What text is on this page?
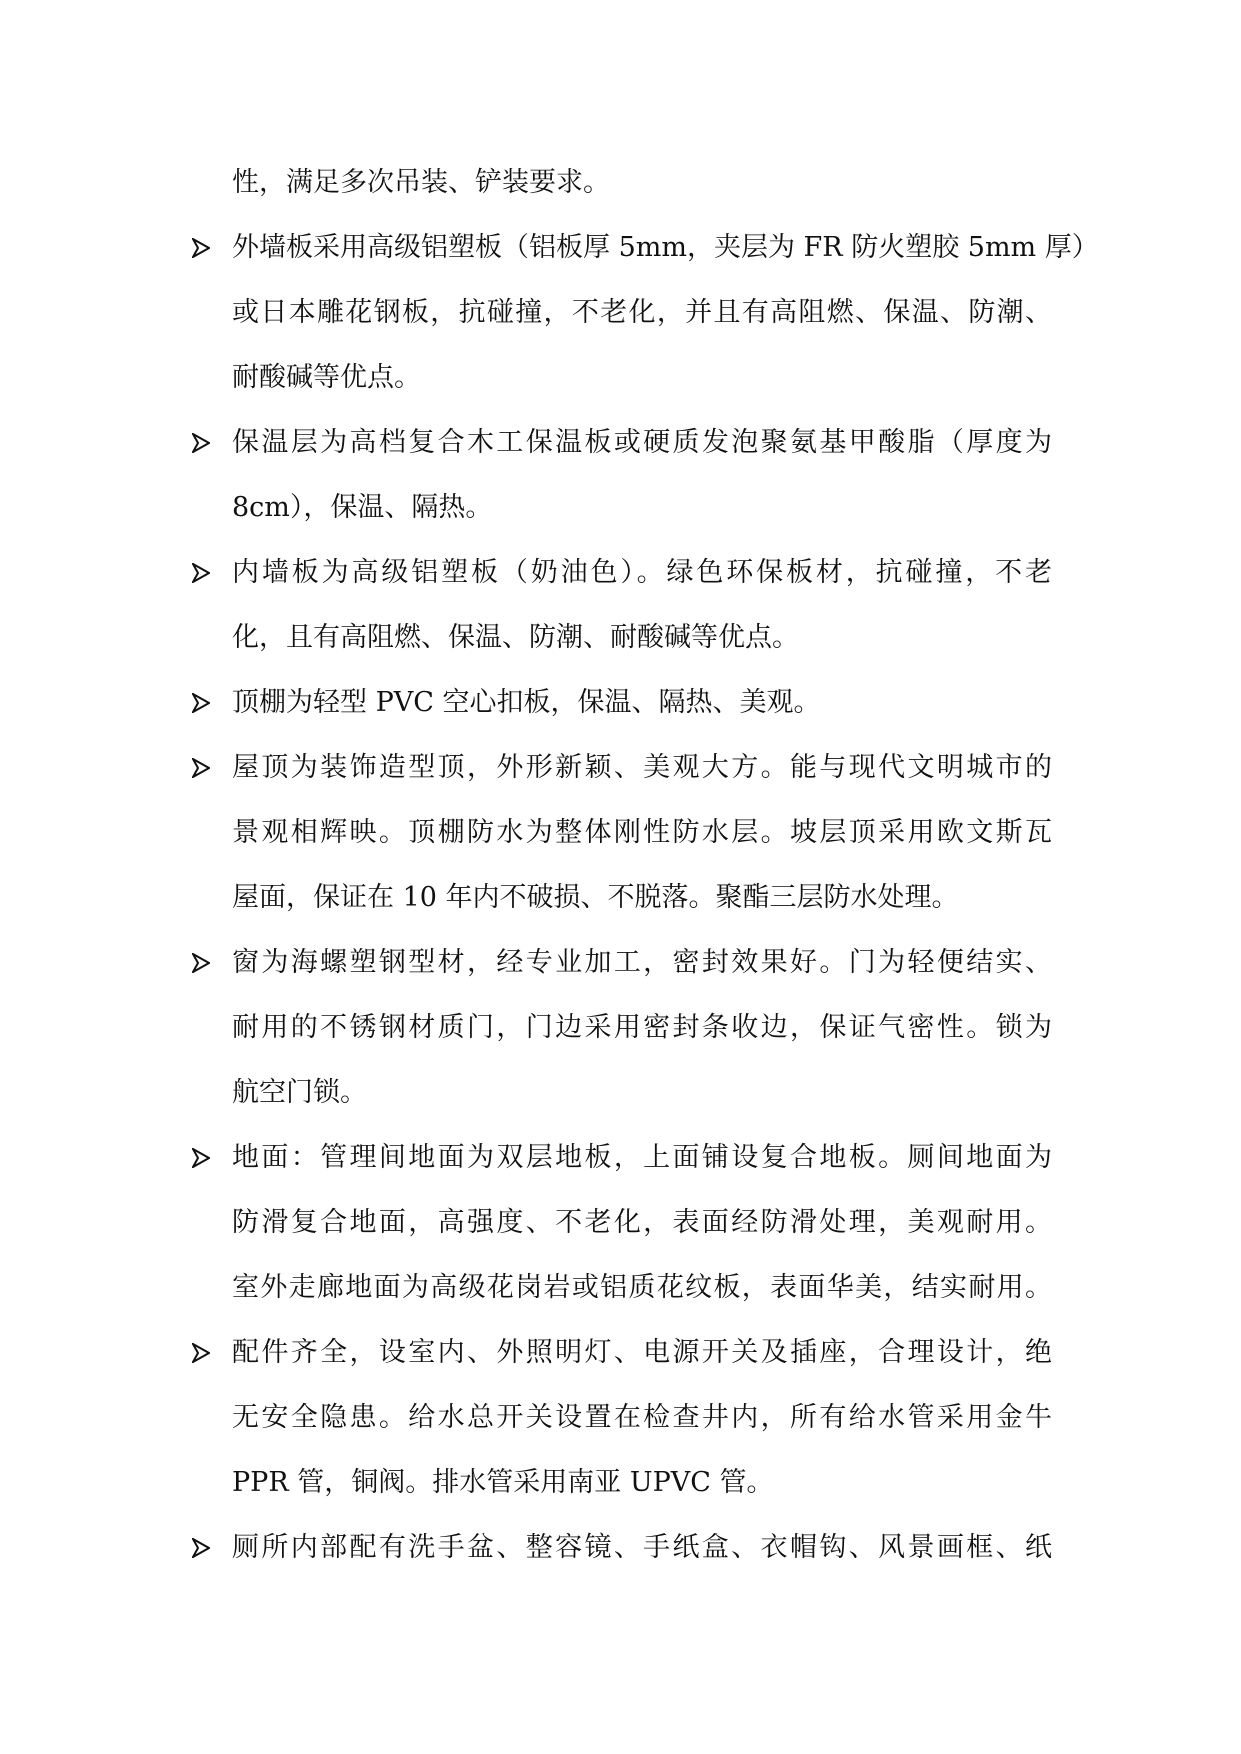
性，满足多次吊装、铲装要求。
外墙板采用高级铝塑板（铝板厚 5mm，夹层为 FR 防火塑胶 5mm 厚）
或日本雕花钢板，抗碰撞，不老化，并且有高阻燃、保温、防潮、
耐酸碱等优点。
保温层为高档复合木工保温板或硬质发泡聚氨基甲酸脂（厚度为
8cm），保温、隔热。
内墙板为高级铝塑板（奶油色）。绿色环保板材，抗碰撞，不老
化，且有高阻燃、保温、防潮、耐酸碱等优点。
顶棚为轻型 PVC 空心扣板，保温、隔热、美观。
屋顶为装饰造型顶，外形新颖、美观大方。能与现代文明城市的
景观相辉映。顶棚防水为整体刚性防水层。坡层顶采用欧文斯瓦
屋面，保证在 10 年内不破损、不脱落。聚酯三层防水处理。
窗为海螺塑钢型材，经专业加工，密封效果好。门为轻便结实、
耐用的不锈钢材质门，门边采用密封条收边，保证气密性。锁为
航空门锁。
地面：管理间地面为双层地板，上面铺设复合地板。厕间地面为
防滑复合地面，高强度、不老化，表面经防滑处理，美观耐用。
室外走廊地面为高级花岗岩或铝质花纹板，表面华美，结实耐用。
配件齐全，设室内、外照明灯、电源开关及插座，合理设计，绝
无安全隐患。给水总开关设置在检查井内，所有给水管采用金牛
PPR 管，铜阀。排水管采用南亚 UPVC 管。
厕所内部配有洗手盆、整容镜、手纸盒、衣帽钩、风景画框、纸
